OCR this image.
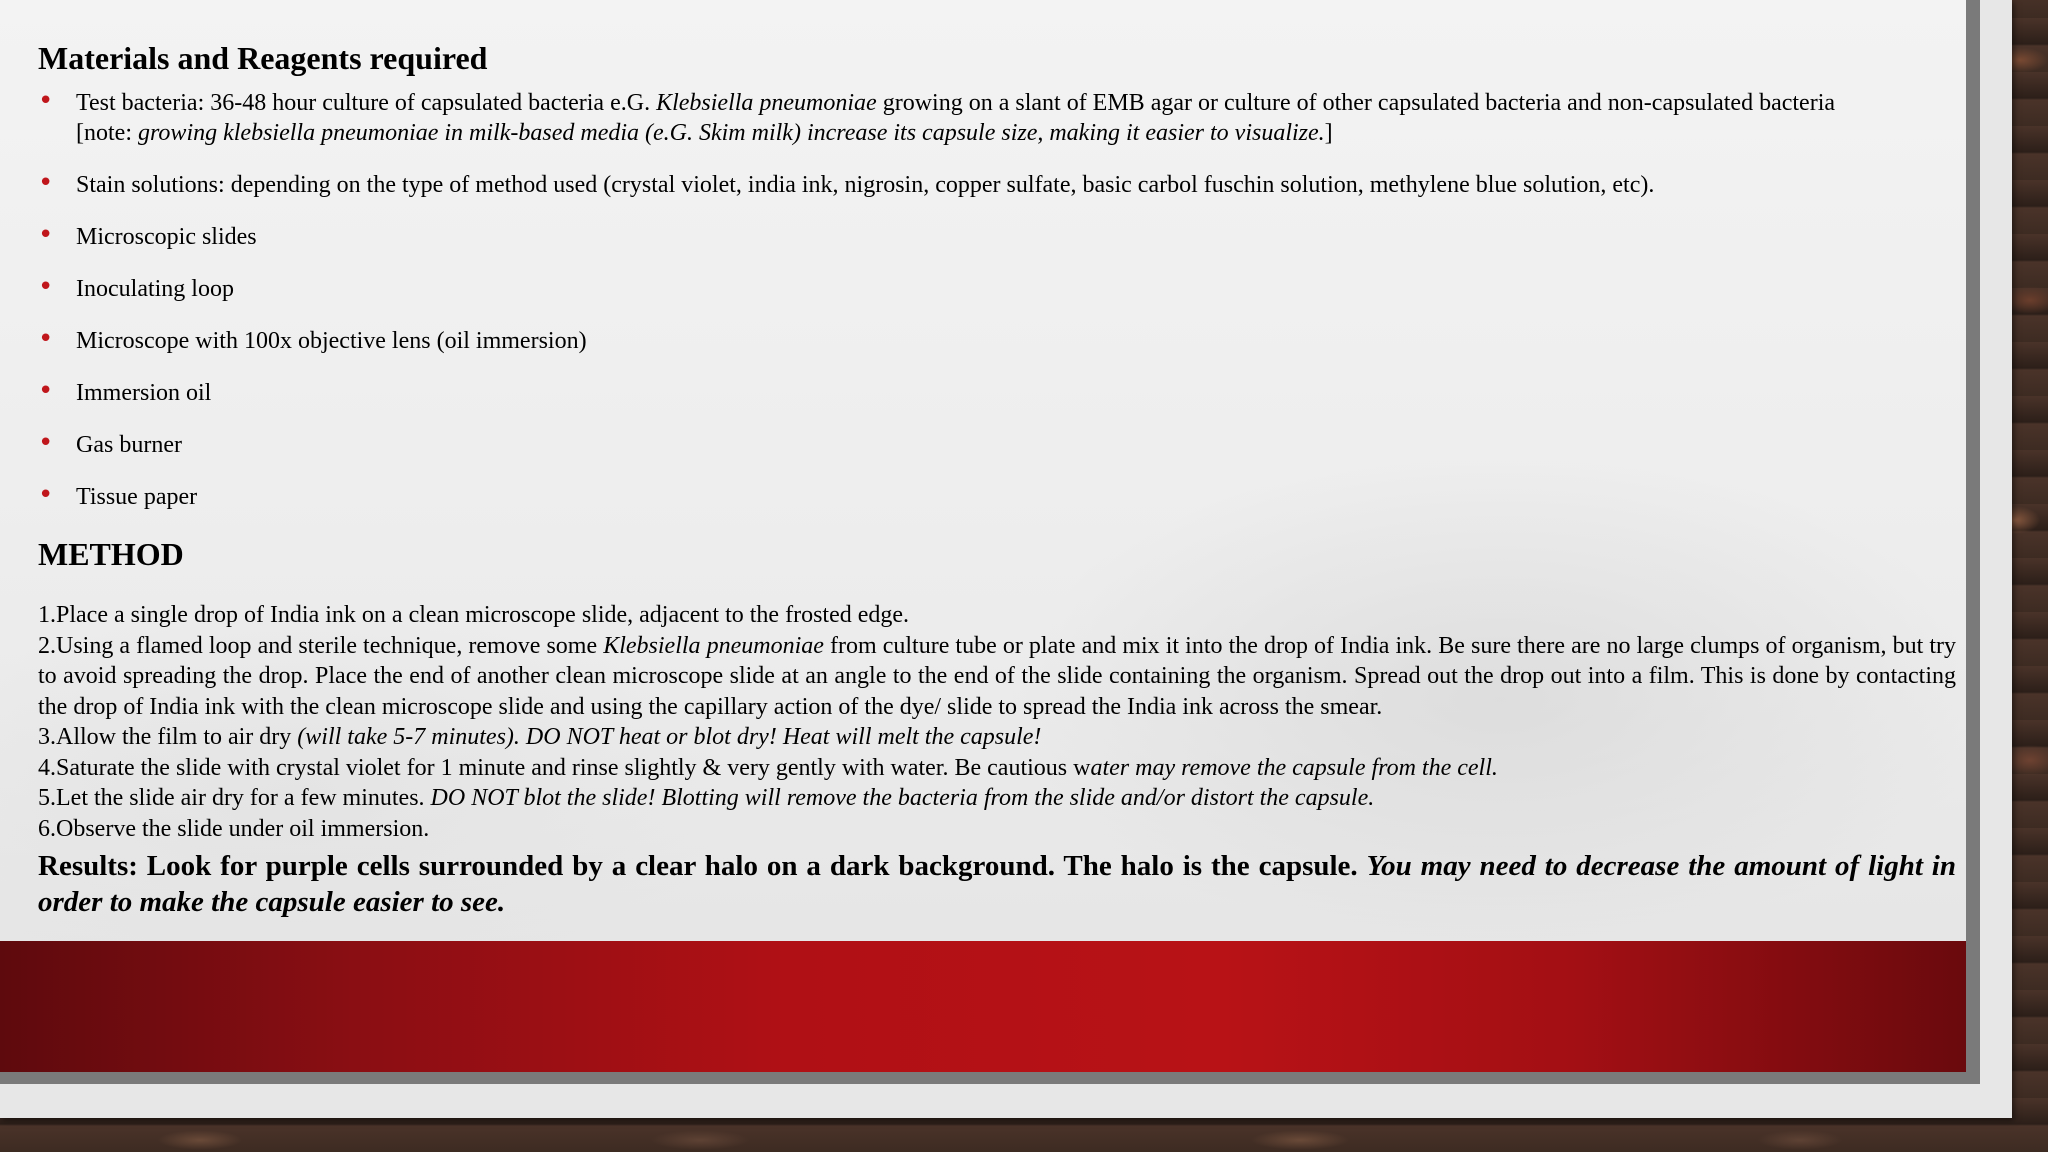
Materials and Reagents required
• Test bacteria: 36-48 hour culture of capsulated bacteria e.G. Klebsiella pneumoniae growing on a slant of EMB agar or culture of other capsulated bacteria and non-capsulated bacteria
[note: growing klebsiella pneumoniae in milk-based media (e.G. Skim milk) increase its capsule size, making it easier to visualize.]
• Stain solutions: depending on the type of method used (crystal violet, india ink, nigrosin, copper sulfate, basic carbol fuschin solution, methylene blue solution, etc).
• Microscopic slides
• Inoculating loop
• Microscope with 100x objective lens (oil immersion)
• Immersion oil
• Gas burner
• Tissue paper
METHOD

1.Place a single drop of India ink on a clean microscope slide, adjacent to the frosted edge.

2.Using a flamed loop and sterile technique, remove some Klebsiella pneumoniae from culture tube or plate and mix it into the drop of India ink. Be sure there are no large clumps of organism, but try to avoid spreading the drop. Place the end of another clean microscope slide at an angle to the end of the slide containing the organism. Spread out the drop out into a film. This is done by contacting the drop of India ink with the clean microscope slide and using the capillary action of the dye/ slide to spread the India ink across the smear.

3.Allow the film to air dry (will take 5-7 minutes). DO NOT heat or blot dry! Heat will melt the capsule!

4.Saturate the slide with crystal violet for 1 minute and rinse slightly & very gently with water. Be cautious water may remove the capsule from the cell.

5.Let the slide air dry for a few minutes. DO NOT blot the slide! Blotting will remove the bacteria from the slide and/or distort the capsule.

6.Observe the slide under oil immersion.

Results: Look for purple cells surrounded by a clear halo on a dark background. The halo is the capsule. You may need to decrease the amount of light in order to make the capsule easier to see.
